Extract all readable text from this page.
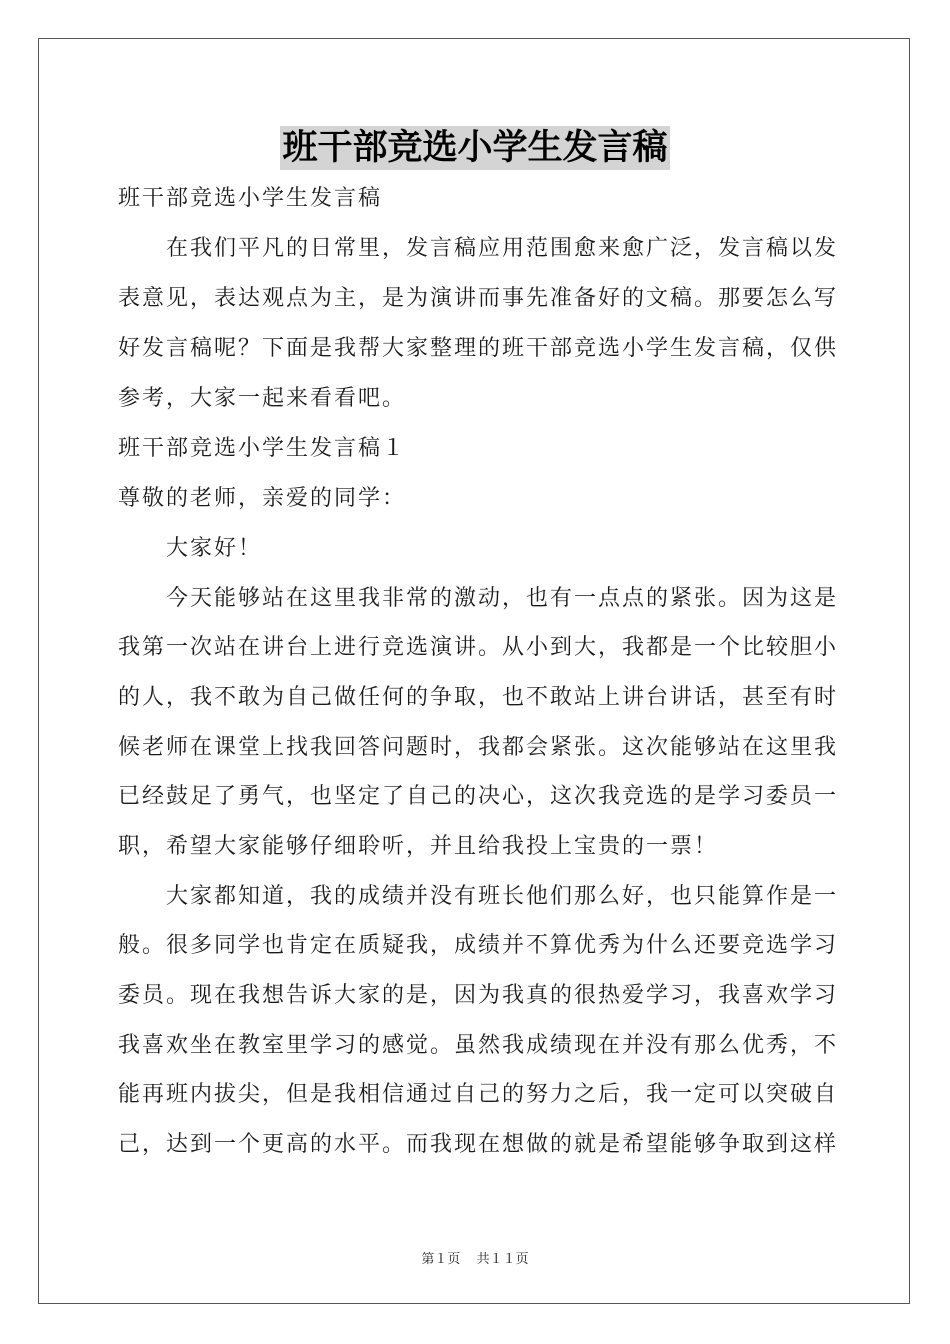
班干部竞选小学生发言稿
班干部竞选小学生发言稿
　　在我们平凡的日常里，发言稿应用范围愈来愈广泛，发言稿以发
表意见，表达观点为主，是为演讲而事先准备好的文稿。那要怎么写
好发言稿呢？下面是我帮大家整理的班干部竞选小学生发言稿，仅供
参考，大家一起来看看吧。
班干部竞选小学生发言稿１
尊敬的老师，亲爱的同学：
　　大家好！
　　今天能够站在这里我非常的激动，也有一点点的紧张。因为这是
我第一次站在讲台上进行竞选演讲。从小到大，我都是一个比较胆小
的人，我不敢为自己做任何的争取，也不敢站上讲台讲话，甚至有时
候老师在课堂上找我回答问题时，我都会紧张。这次能够站在这里我
已经鼓足了勇气，也坚定了自己的决心，这次我竞选的是学习委员一
职，希望大家能够仔细聆听，并且给我投上宝贵的一票！
　　大家都知道，我的成绩并没有班长他们那么好，也只能算作是一
般。很多同学也肯定在质疑我，成绩并不算优秀为什么还要竞选学习
委员。现在我想告诉大家的是，因为我真的很热爱学习，我喜欢学习
我喜欢坐在教室里学习的感觉。虽然我成绩现在并没有那么优秀，不
能再班内拔尖，但是我相信通过自己的努力之后，我一定可以突破自
己，达到一个更高的水平。而我现在想做的就是希望能够争取到这样
第１页 共１１页
